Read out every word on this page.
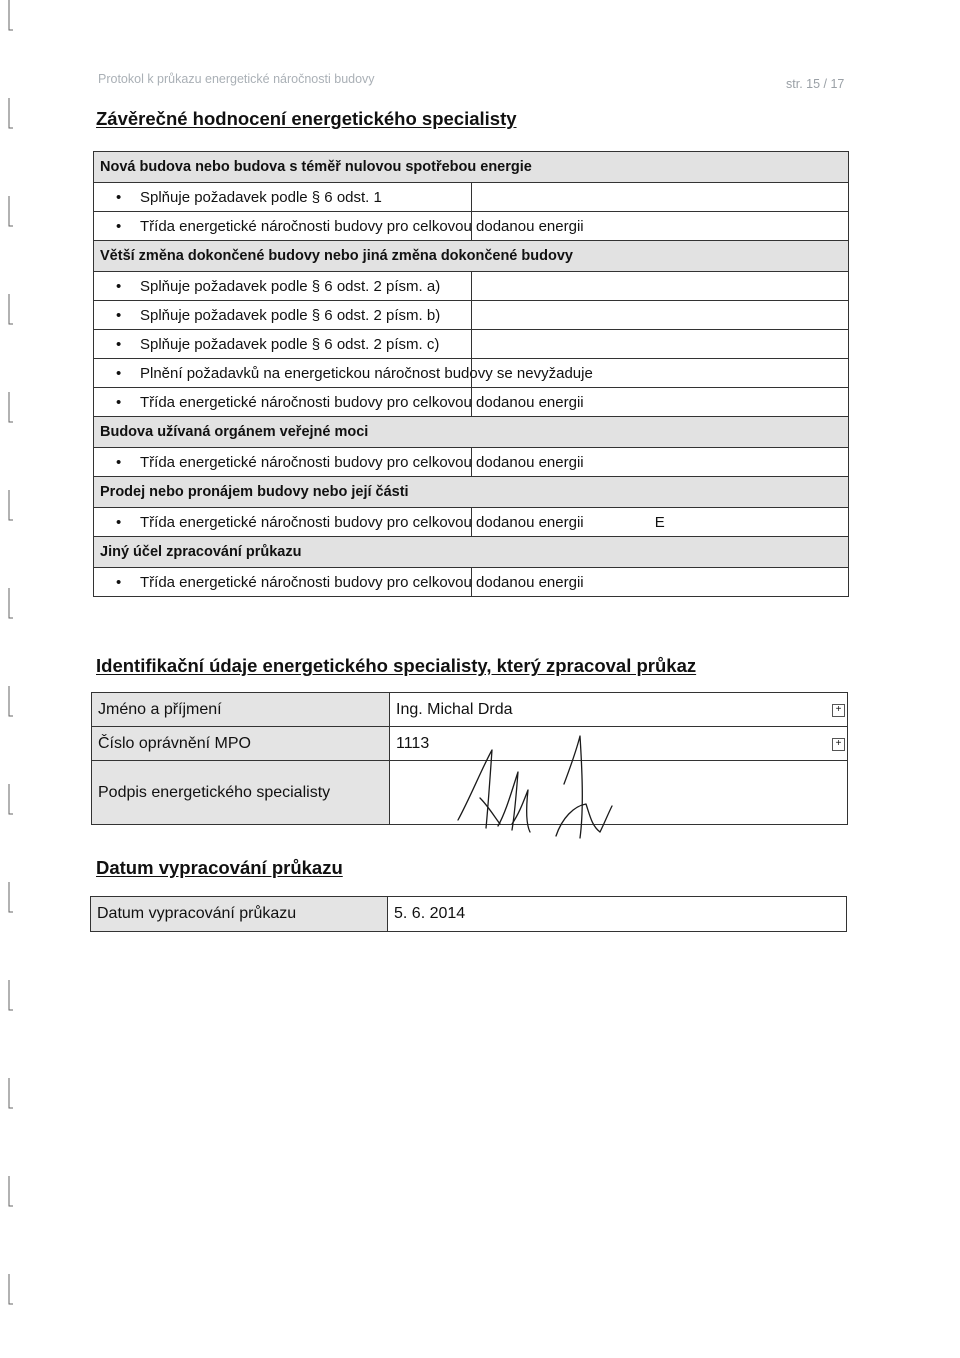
Protokol k průkazu energetické náročnosti budovy	str. 15 / 17
Závěrečné hodnocení energetického specialisty
Nová budova nebo budova s téměř nulovou spotřebou energie	
• Splňuje požadavek podle § 6 odst. 1	
• Třída energetické náročnosti budovy pro celkovou dodanou energii	
Větší změna dokončené budovy nebo jiná změna dokončené budovy	
• Splňuje požadavek podle § 6 odst. 2 písm. a)	
• Splňuje požadavek podle § 6 odst. 2 písm. b)	
• Splňuje požadavek podle § 6 odst. 2 písm. c)	
• Plnění požadavků na energetickou náročnost budovy se nevyžaduje	
• Třída energetické náročnosti budovy pro celkovou dodanou energii	
Budova užívaná orgánem veřejné moci	
• Třída energetické náročnosti budovy pro celkovou dodanou energii	
Prodej nebo pronájem budovy nebo její části	
• Třída energetické náročnosti budovy pro celkovou dodanou energii	E
Jiný účel zpracování průkazu	
• Třída energetické náročnosti budovy pro celkovou dodanou energii	
Identifikační údaje energetického specialisty, který zpracoval průkaz
Jméno a příjmení	Ing. Michal Drda +

Číslo oprávnění MPO	1113 +

Podpis energetického specialisty	
Datum vypracování průkazu
Datum vypracování průkazu	5. 6. 2014
